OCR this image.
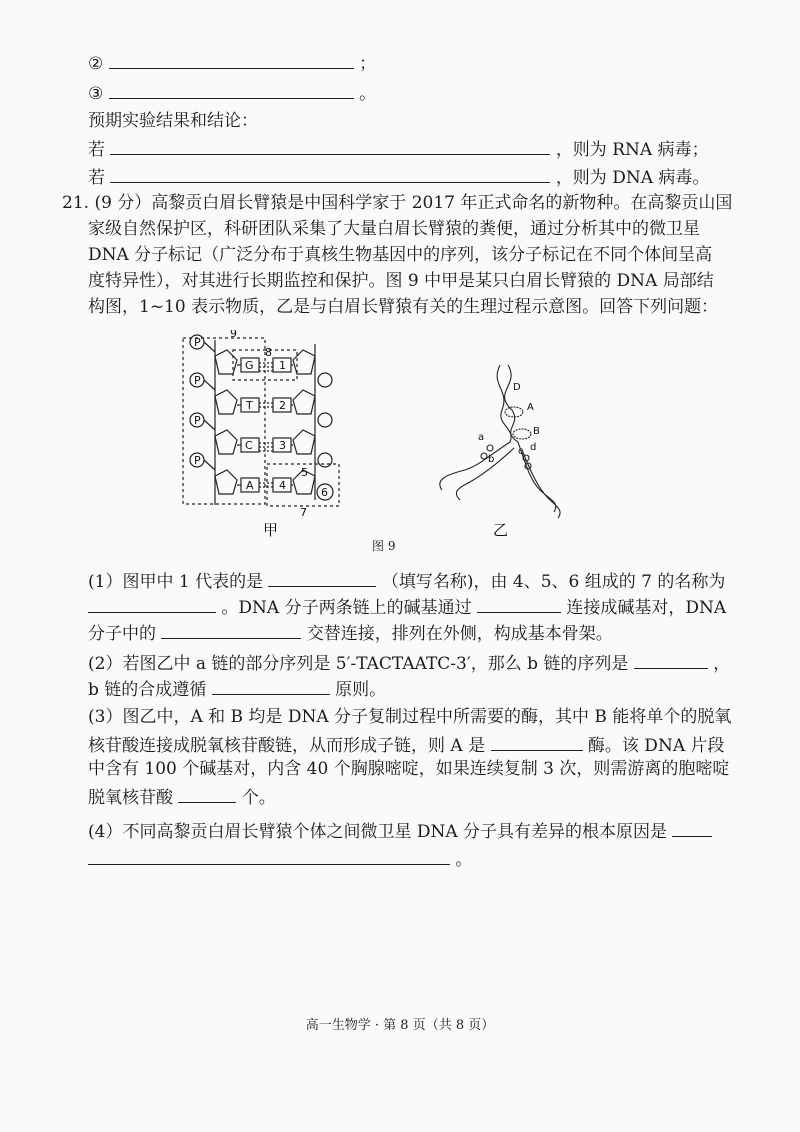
②	；
③	。
预期实验结果和结论：
若	，则为 RNA 病毒；
若	，则为 DNA 病毒。
21. (9 分）高黎贡白眉长臂猿是中国科学家于 2017 年正式命名的新物种。在高黎贡山国
家级自然保护区，科研团队采集了大量白眉长臂猿的粪便，通过分析其中的微卫星
DNA 分子标记（广泛分布于真核生物基因中的序列，该分子标记在不同个体间呈高
度特异性），对其进行长期监控和保护。图 9 中甲是某只白眉长臂猿的 DNA 局部结
构图，1~10 表示物质，乙是与白眉长臂猿有关的生理过程示意图。回答下列问题：
P
P
P
P
G
T
C
A
1
2
3
4
9
8
7
5
6
甲
D
A
B
a
b
c d
乙
图 9
(1）图甲中 1 代表的是	（填写名称)，由 4、5、6 组成的 7 的名称为
。DNA 分子两条链上的碱基通过	连接成碱基对，DNA
分子中的	交替连接，排列在外侧，构成基本骨架。
(2）若图乙中 a 链的部分序列是 5′-TACTAATC-3′，那么 b 链的序列是	，
b 链的合成遵循	原则。
(3）图乙中，A 和 B 均是 DNA 分子复制过程中所需要的酶，其中 B 能将单个的脱氧
核苷酸连接成脱氧核苷酸链，从而形成子链，则 A 是	酶。该 DNA 片段
中含有 100 个碱基对，内含 40 个胸腺嘧啶，如果连续复制 3 次，则需游离的胞嘧啶
脱氧核苷酸	个。
(4）不同高黎贡白眉长臂猿个体之间微卫星 DNA 分子具有差异的根本原因是
。
高一生物学 · 第 8 页（共 8 页）
